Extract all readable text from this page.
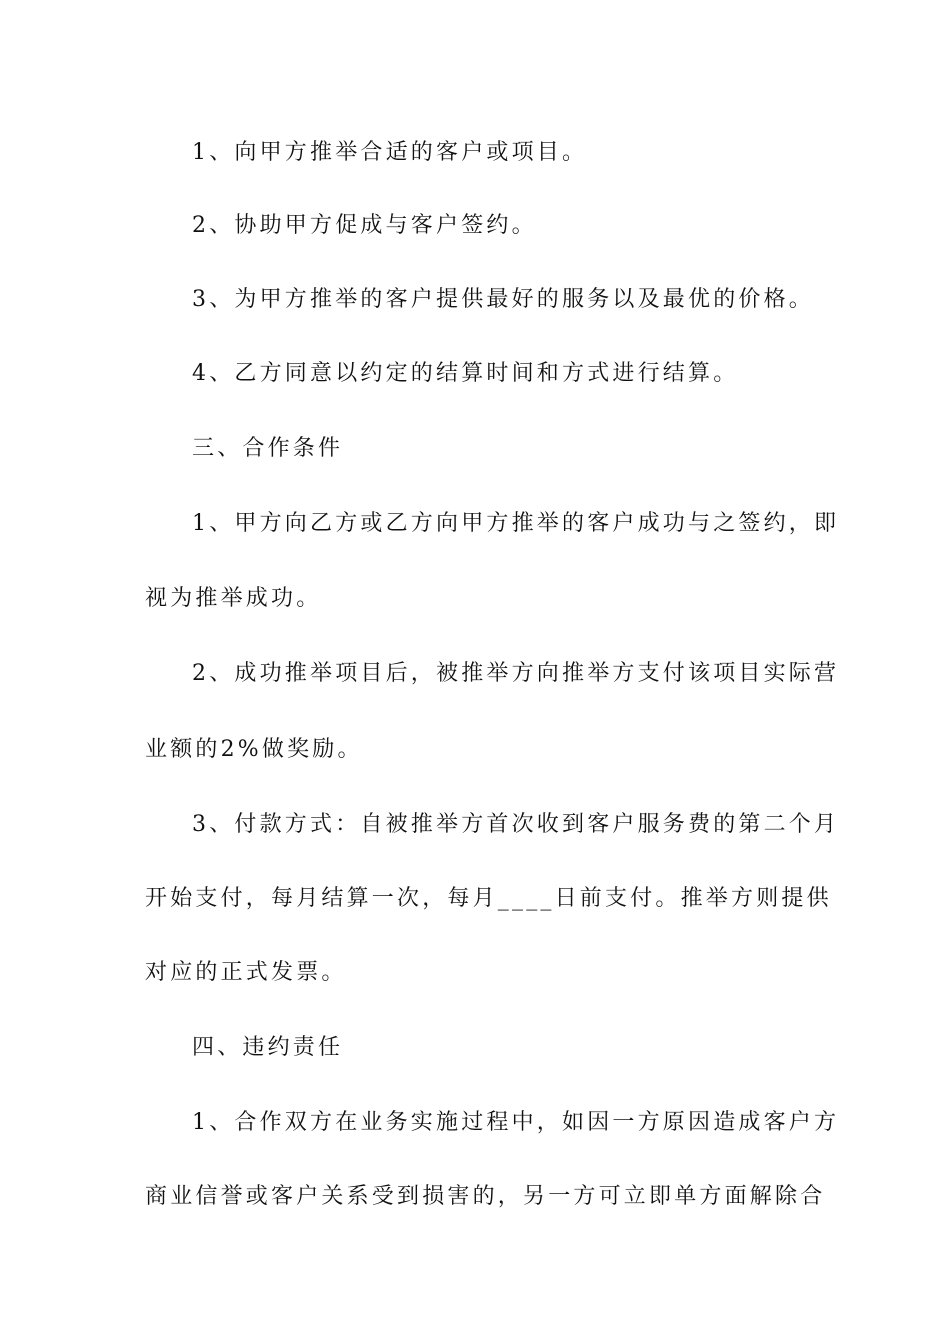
1、向甲方推举合适的客户或项目。
2、协助甲方促成与客户签约。
3、为甲方推举的客户提供最好的服务以及最优的价格。
4、乙方同意以约定的结算时间和方式进行结算。
三、合作条件
1、甲方向乙方或乙方向甲方推举的客户成功与之签约，即
视为推举成功。
2、成功推举项目后，被推举方向推举方支付该项目实际营
业额的2%做奖励。
3、付款方式：自被推举方首次收到客户服务费的第二个月
开始支付，每月结算一次，每月____日前支付。推举方则提供
对应的正式发票。
四、违约责任
1、合作双方在业务实施过程中，如因一方原因造成客户方
商业信誉或客户关系受到损害的，另一方可立即单方面解除合
